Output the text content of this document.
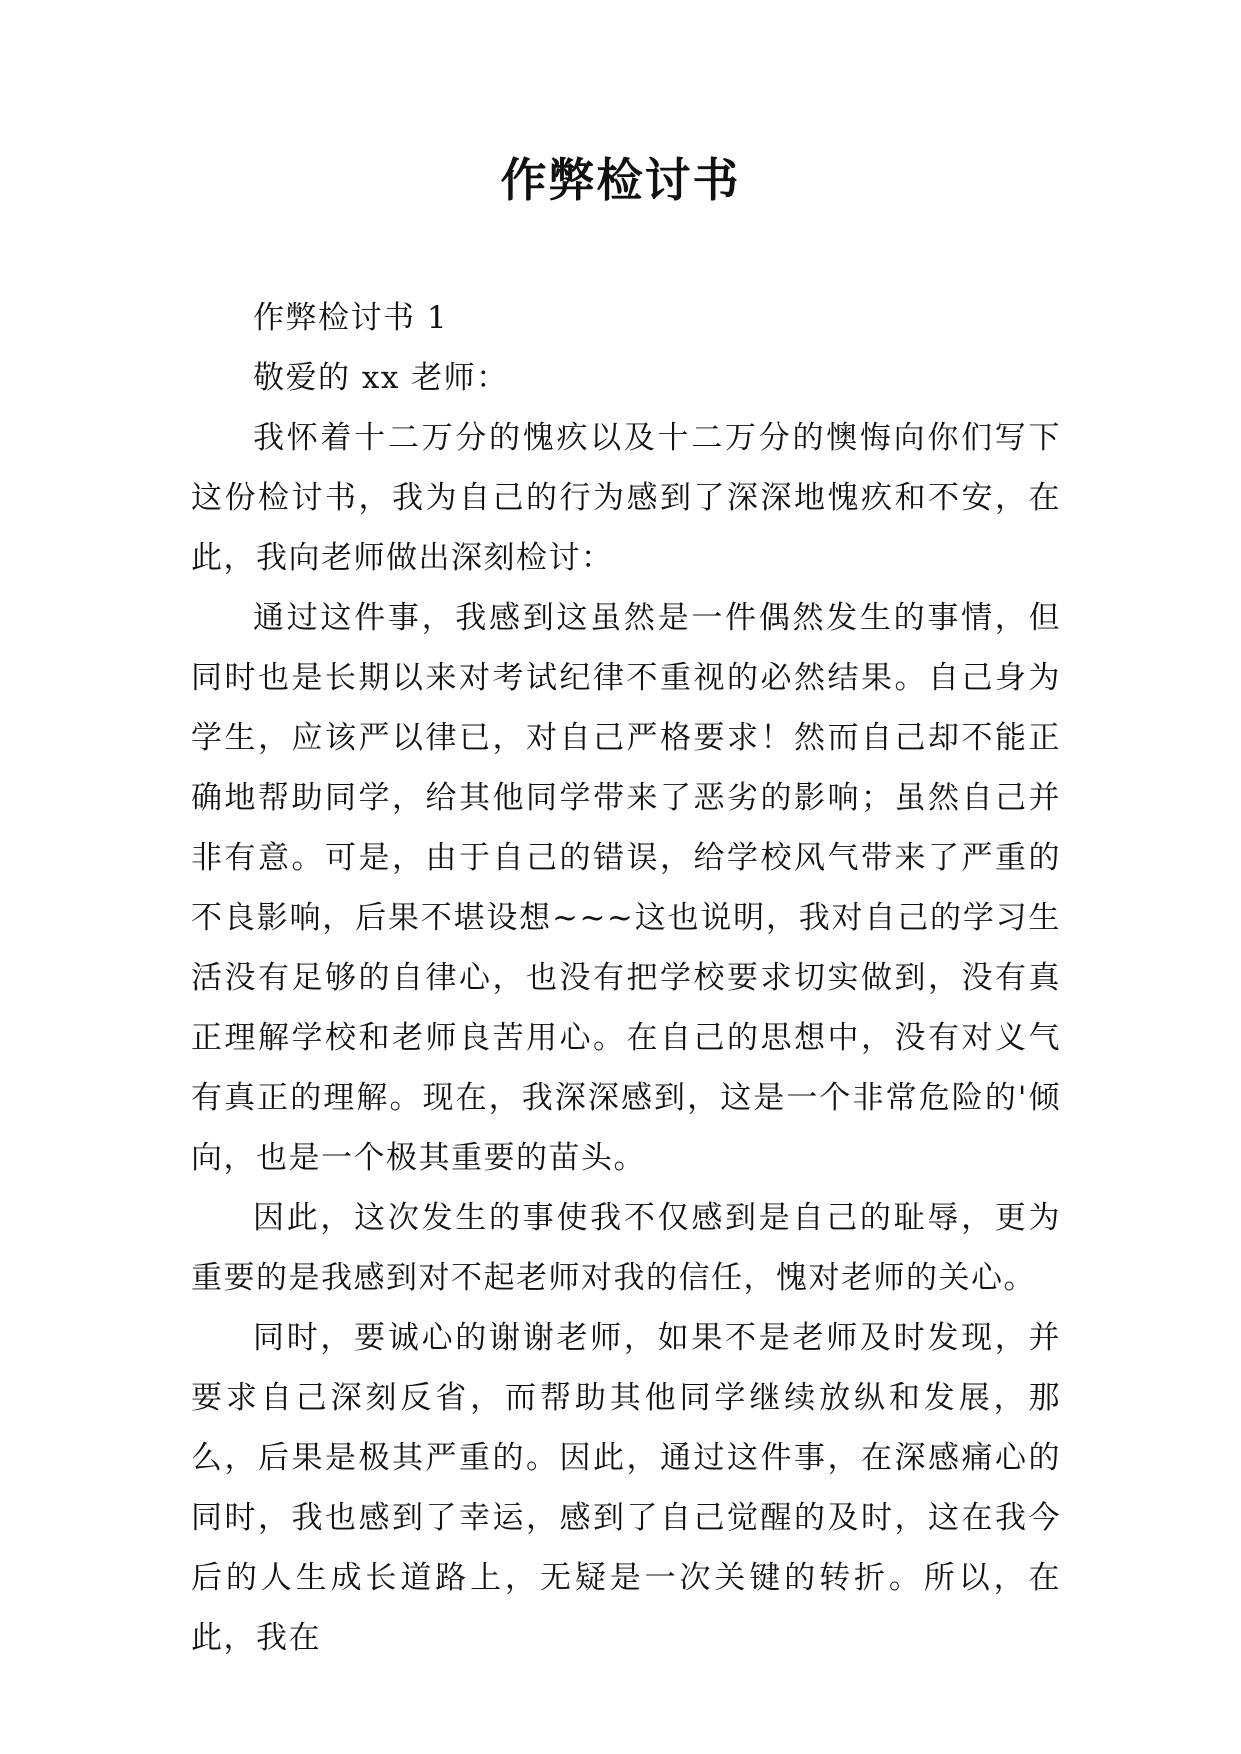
作弊检讨书

作弊检讨书 1

敬爱的 xx 老师：

我怀着十二万分的愧疚以及十二万分的懊悔向你们写下这份检讨书，我为自己的行为感到了深深地愧疚和不安，在此，我向老师做出深刻检讨：

通过这件事，我感到这虽然是一件偶然发生的事情，但同时也是长期以来对考试纪律不重视的必然结果。自己身为学生，应该严以律已，对自己严格要求！然而自己却不能正确地帮助同学，给其他同学带来了恶劣的影响；虽然自己并非有意。可是，由于自己的错误，给学校风气带来了严重的不良影响，后果不堪设想~~~这也说明，我对自己的学习生活没有足够的自律心，也没有把学校要求切实做到，没有真正理解学校和老师良苦用心。在自己的思想中，没有对义气有真正的理解。现在，我深深感到，这是一个非常危险的'倾向，也是一个极其重要的苗头。

因此，这次发生的事使我不仅感到是自己的耻辱，更为重要的是我感到对不起老师对我的信任，愧对老师的关心。

同时，要诚心的谢谢老师，如果不是老师及时发现，并要求自己深刻反省，而帮助其他同学继续放纵和发展，那么，后果是极其严重的。因此，通过这件事，在深感痛心的同时，我也感到了幸运，感到了自己觉醒的及时，这在我今后的人生成长道路上，无疑是一次关键的转折。所以，在此，我在
